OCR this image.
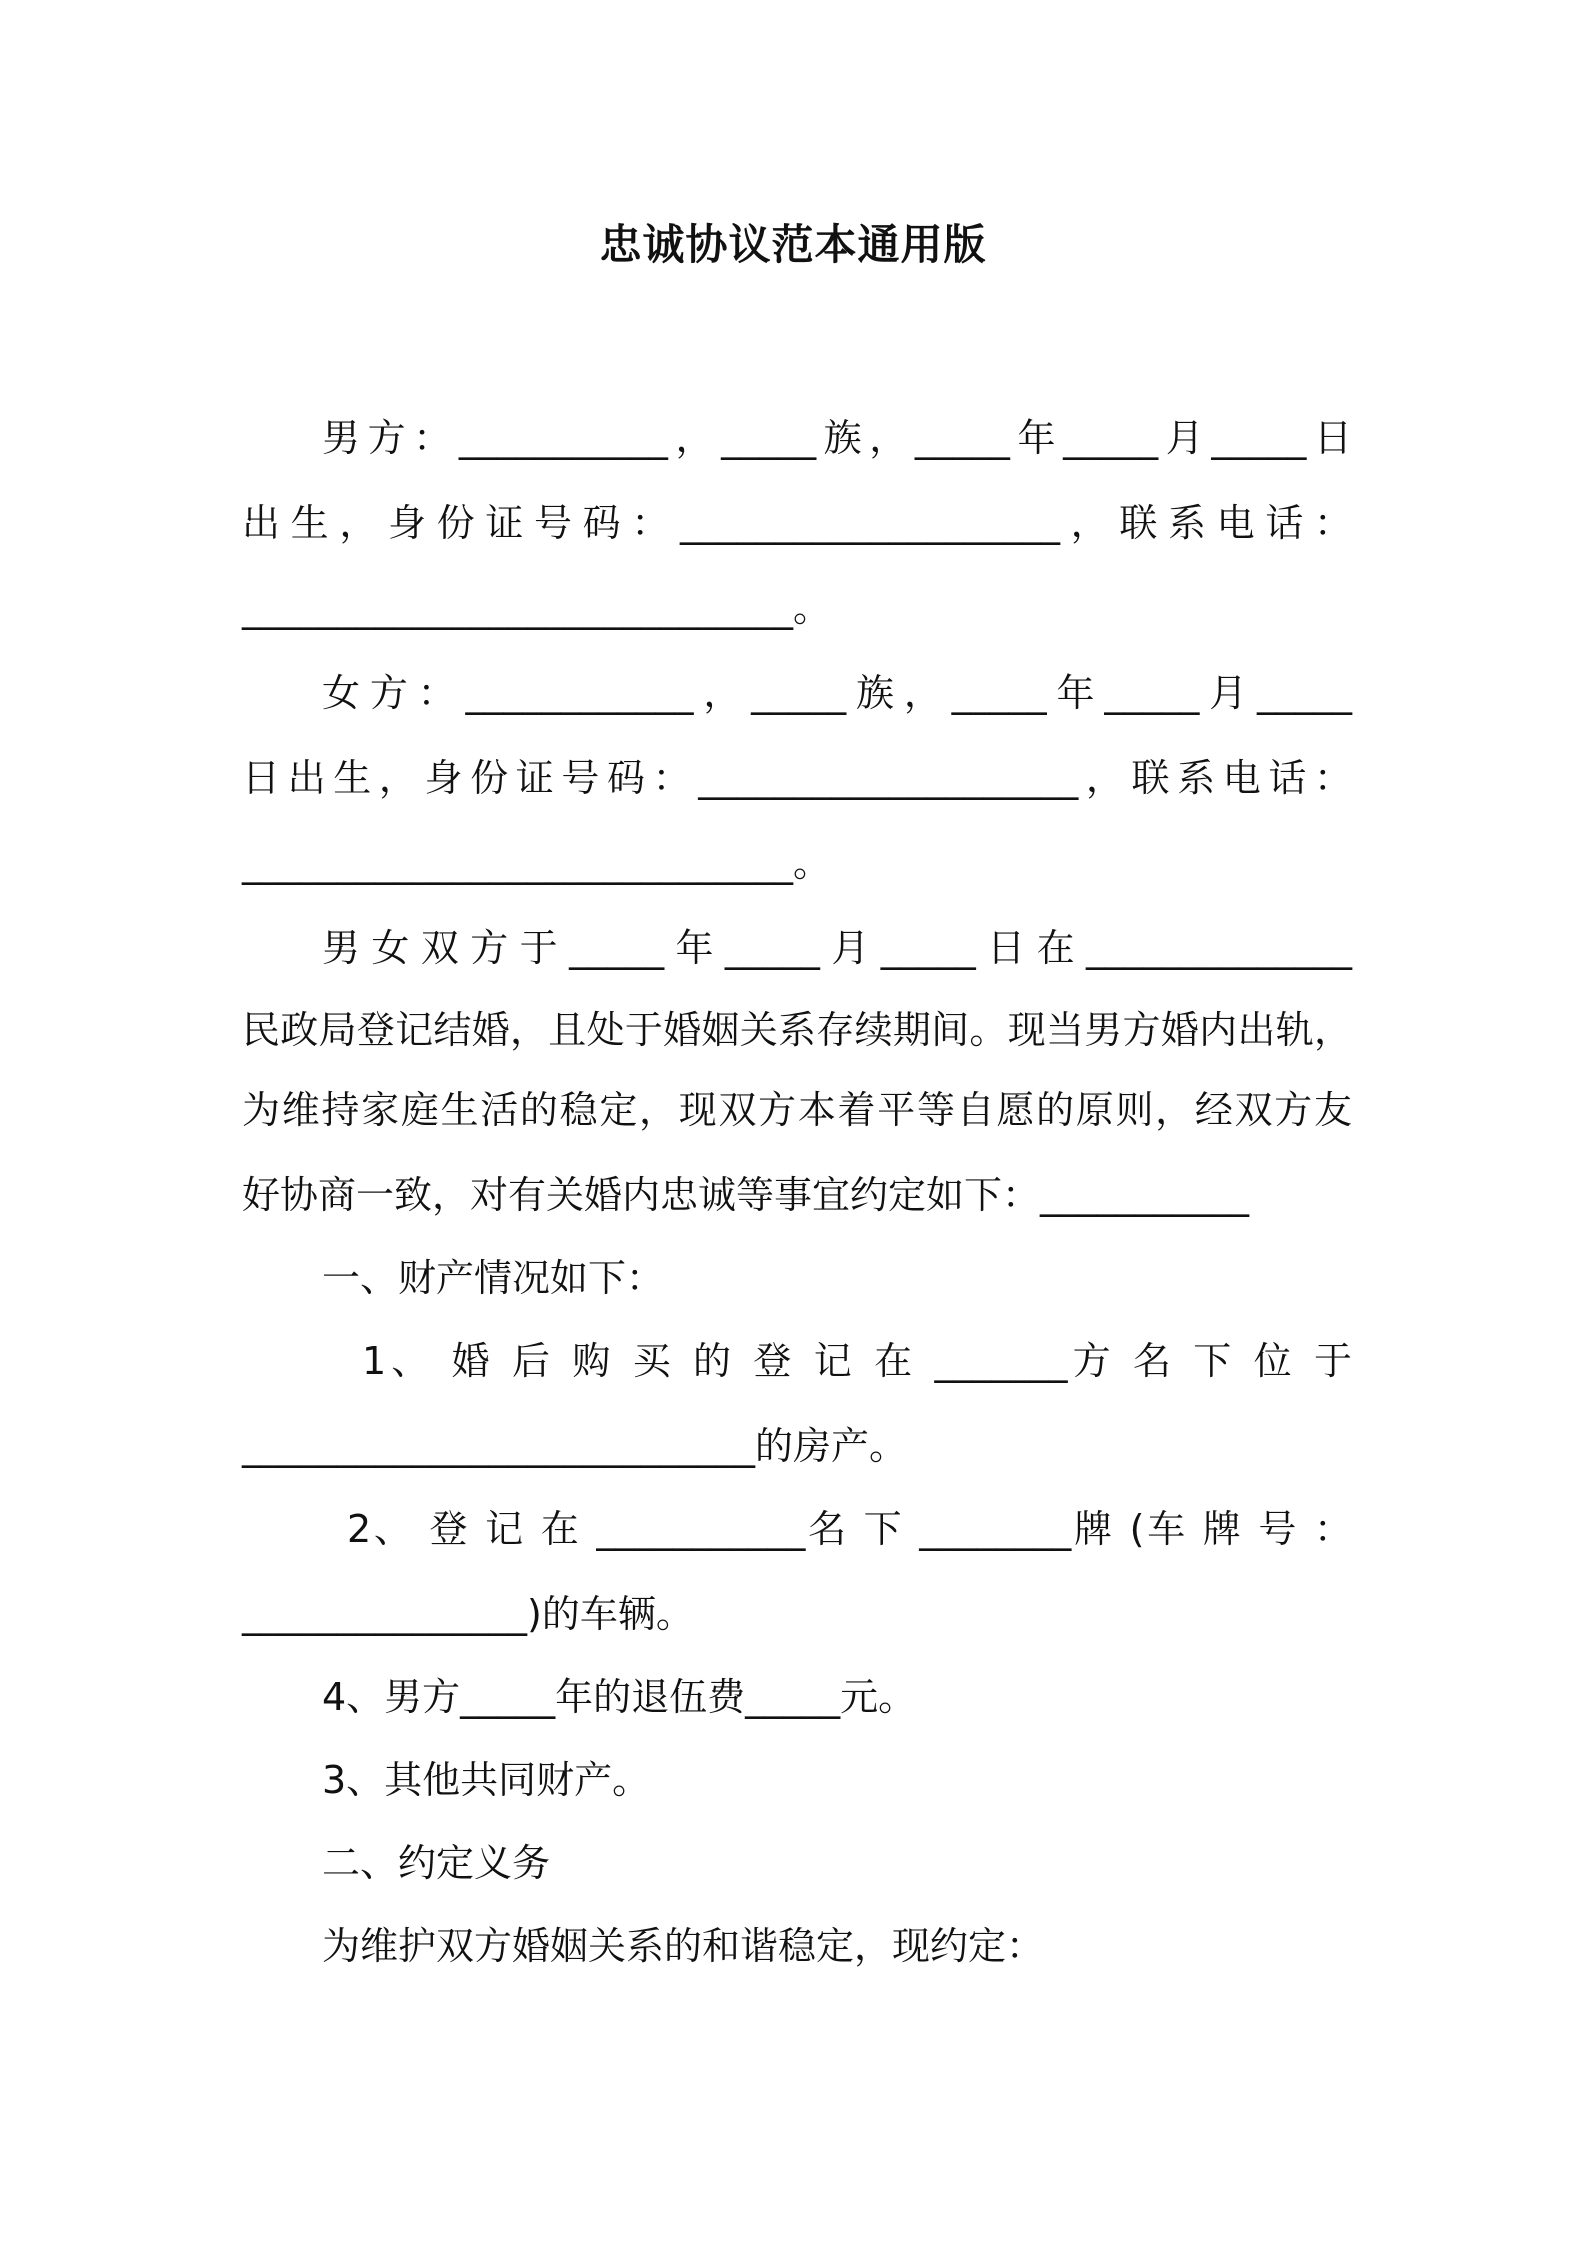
忠诚协议范本通用版
男方：___________，_____族，_____年_____月_____日
出生，身份证号码：____________________，联系电话：
_____________________________。
女方：____________，_____族，_____年_____月_____
日出生，身份证号码：____________________，联系电话：
_____________________________。
男女双方于_____年_____月_____日在______________
民政局登记结婚，且处于婚姻关系存续期间。现当男方婚内出轨，
为维持家庭生活的稳定，现双方本着平等自愿的原则，经双方友
好协商一致，对有关婚内忠诚等事宜约定如下：___________
一、财产情况如下：
1、 婚 后 购 买 的 登 记 在 _______方 名 下 位 于
___________________________的房产。
2、 登 记 在 ___________名 下 ________牌 (车 牌 号 ：
_______________)的车辆。
4、男方_____年的退伍费_____元。
3、其他共同财产。
二、约定义务
为维护双方婚姻关系的和谐稳定，现约定：
